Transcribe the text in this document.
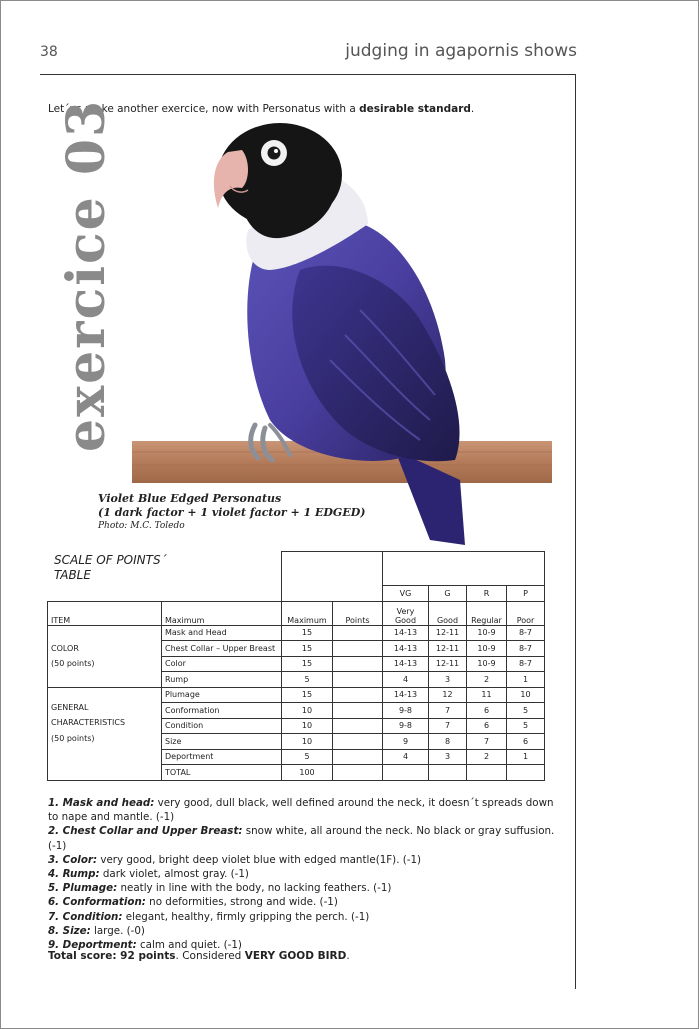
38	judging in agapornis shows
Let´us make another exercice, now with Personatus with a desirable standard.
exercice 03
Violet Blue Edged Personatus
(1 dark factor + 1 violet factor + 1 EDGED)
Photo: M.C. Toledo

				VG	G	R	P
ITEM	Maximum	Maximum	Points	Very Good	Good	Regular	Poor

COLOR
(50 points)	Mask and Head	15		14-13	12-11	10-9	8-7
	Chest Collar – Upper Breast	15		14-13	12-11	10-9	8-7
	Color	15		14-13	12-11	10-9	8-7
	Rump	5		4	3	2	1

GENERAL CHARACTERISTICS
(50 points)	Plumage	15		14-13	12	11	10
	Conformation	10		9-8	7	6	5
	Condition	10		9-8	7	6	5
	Size	10		9	8	7	6
	Deportment	5		4	3	2	1
	TOTAL	100					
SCALE OF POINTS´
TABLE
1. Mask and head: very good, dull black, well defined around the neck, it doesn´t spreads down to nape and mantle. (-1)
2. Chest Collar and Upper Breast: snow white, all around the neck. No black or gray suffusion. (-1)
3. Color: very good, bright deep violet blue with edged mantle(1F). (-1)
4. Rump: dark violet, almost gray. (-1)
5. Plumage: neatly in line with the body, no lacking feathers. (-1)
6. Conformation: no deformities, strong and wide. (-1)
7. Condition: elegant, healthy, firmly gripping the perch. (-1)
8. Size: large. (-0)
9. Deportment: calm and quiet. (-1)
Total score: 92 points. Considered VERY GOOD BIRD.
